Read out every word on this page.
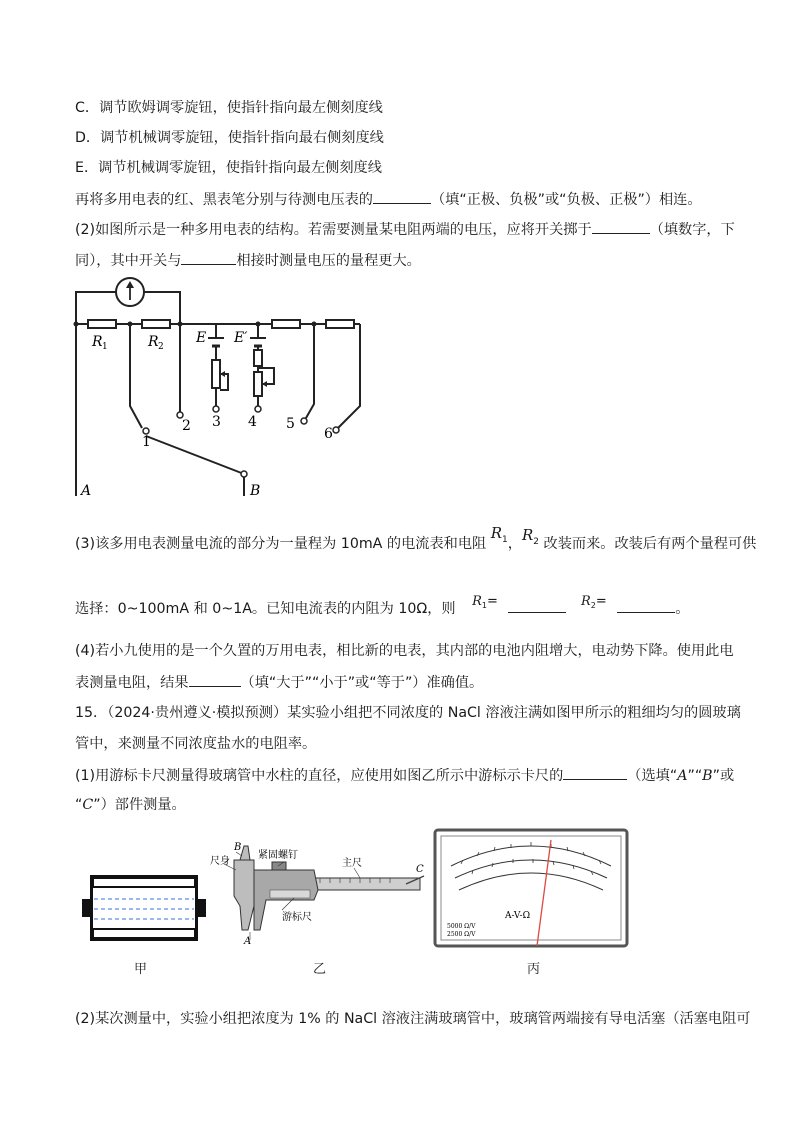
C．调节欧姆调零旋钮，使指针指向最左侧刻度线
D．调节机械调零旋钮，使指针指向最右侧刻度线
E．调节机械调零旋钮，使指针指向最左侧刻度线
再将多用电表的红、黑表笔分别与待测电压表的	（填“正极、负极”或“负极、正极”）相连。
(2)如图所示是一种多用电表的结构。若需要测量某电阻两端的电压，应将开关掷于	（填数字，下
同），其中开关与	相接时测量电压的量程更大。
R 1	R 2
E E′
3 4 5
6
1
2
A	B
(3)该多用电表测量电流的部分为一量程为 10mA 的电流表和电阻 $R^1$，$R^2$ 改装而来。改装后有两个量程可供
选择：0~100mA 和 0~1A。已知电流表的内阻为 10Ω，则 $R^1=$	$R^2=$	。
(4)若小九使用的是一个久置的万用电表，相比新的电表，其内部的电池内阻增大，电动势下降。使用此电
表测量电阻，结果	（填“大于”“小于”或“等于”）准确值。
15．（2024·贵州遵义·模拟预测）某实验小组把不同浓度的 NaCl 溶液注满如图甲所示的粗细均匀的圆玻璃
管中，来测量不同浓度盐水的电阻率。
(1)用游标卡尺测量得玻璃管中水柱的直径，应使用如图乙所示中游标示卡尺的	（选填“A”“B”或
“C”）部件测量。
甲
尺身
B
紧固螺钉
主尺
C
游标尺
A
乙
A-V-Ω
5000 Ω/V
2500 Ω/V
丙
(2)某次测量中，实验小组把浓度为 1% 的 NaCl 溶液注满玻璃管中，玻璃管两端接有导电活塞（活塞电阻可
